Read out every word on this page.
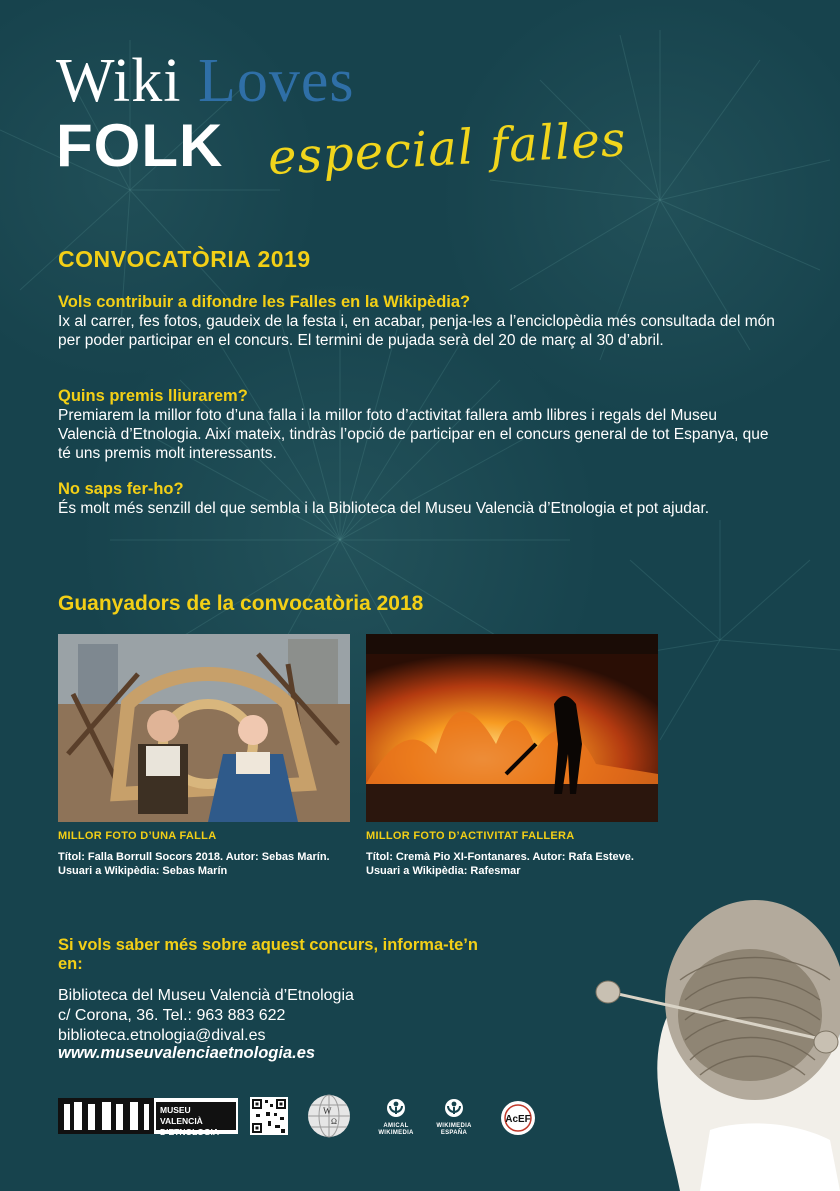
Wiki Loves
FOLK especial falles
CONVOCATÒRIA 2019
Vols contribuir a difondre les Falles en la Wikipèdia?
Ix al carrer, fes fotos, gaudeix de la festa i, en acabar, penja-les a l’enciclopèdia més consultada del món per poder participar en el concurs. El termini de pujada serà del 20 de març al 30 d’abril.
Quins premis lliurarem?
Premiarem la millor foto d’una falla i la millor foto d’activitat fallera amb llibres i regals del Museu Valencià d’Etnologia. Així mateix, tindràs l’opció de participar en el concurs general de tot Espanya, que té uns premis molt interessants.
No saps fer-ho?
És molt més senzill del que sembla i la Biblioteca del Museu Valencià d’Etnologia et pot ajudar.
Guanyadors de la convocatòria 2018
MILLOR FOTO D’UNA FALLA
Títol: Falla Borrull Socors 2018. Autor: Sebas Marín. Usuari a Wikipèdia: Sebas Marín
MILLOR FOTO D’ACTIVITAT FALLERA
Títol: Cremà Pio XI-Fontanares. Autor: Rafa Esteve. Usuari a Wikipèdia: Rafesmar
Si vols saber més sobre aquest concurs, informa-te’n en:
Biblioteca del Museu Valencià d’Etnologia
c/ Corona, 36. Tel.: 963 883 622
biblioteca.etnologia@dival.es
www.museuvalenciaetnologia.es
MUSEU VALENCIÀ D’ETNOLOGIA
W
Ω	AMICAL WIKIMEDIA
WIKIMEDIA
ESPAÑA
AcEF
